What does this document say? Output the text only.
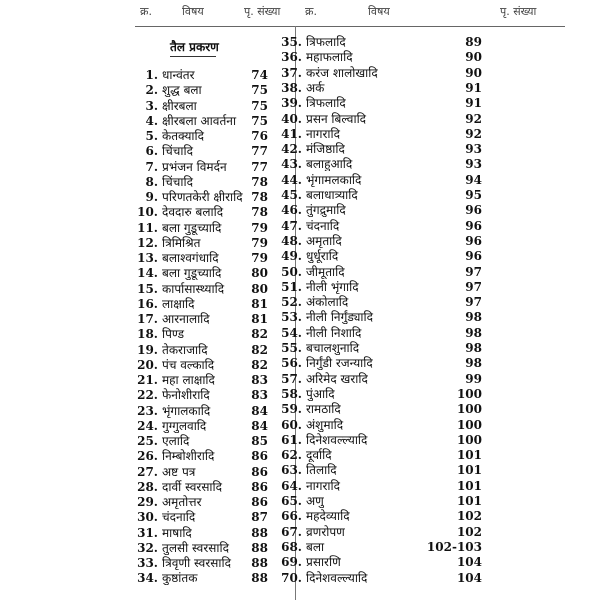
क्र.	विषय	पृ. संख्या क्र.	विषय	पृ. संख्या
तैल प्रकरण
1. धान्वंतर	74
2. शुद्ध बला	75
3. क्षीरबला	75
4. क्षीरबला आवर्तना	75
5. केतक्यादि	76
6. चिंचादि	77
7. प्रभंजन विमर्दन	77
8. चिंचादि	78
9. परिणतकेरी क्षीरादि 78
10. देवदारु बलादि	78
11. बला गुडूच्यादि	79
12. त्रिमिश्रित	79
13. बलाश्वगंधादि	79
14. बला गुडूच्यादि	80
15. कार्पासास्थ्यादि	80
16. लाक्षादि	81
17. आरनालादि	81
18. पिण्ड	82
19. तेकराजादि	82
20. पंच वल्कादि	82
21. महा लाक्षादि	83
22. फेनोशीरादि	83
23. भृंगालकादि	84
24. गुग्गुलवादि	84
25. एलादि	85
26. निम्बोशीरादि	86
27. अष्ट पत्र	86
28. दार्वी स्वरसादि	86
29. अमृतोत्तर	86
30. चंदनादि	87
31. माषादि	88
32. तुलसी स्वरसादि	88
33. त्रिवृणी स्वरसादि	88
34. कुष्ठांतक	88
35. त्रिफलादि	89
36. महाफलादि	90
37. करंज शालोखादि	90
38. अर्क	91
39. त्रिफलादि	91
40. प्रसन बिल्वादि	92
41. नागरादि	92
42. मंजिष्ठादि	93
43. बलाहुआदि	93
44. भृंगामलकादि	94
45. बलाधात्र्यादि	95
46. तुंगद्रुमादि	96
47. चंदनादि	96
48. अमृतादि	96
49. धुर्धूरादि	96
50. जीमूतादि	97
51. नीली भृंगादि	97
52. अंकोलादि	97
53. नीली निर्गुंड्यादि	98
54. नीली निशादि	98
55. बचालशुनादि	98
56. निर्गुंडी रजन्यादि	98
57. अरिमेद खरादि	99
58. पुंआदि	100
59. रामठादि	100
60. अंशुमादि	100
61. दिनेशवल्ल्यादि	100
62. दूर्वादि	101
63. तिलादि	101
64. नागरादि	101
65. अणु	101
66. महदेव्यादि	102
67. व्रणरोपण	102
68. बला	102-103
69. प्रसारणि	104
70. दिनेशवल्ल्यादि	104
